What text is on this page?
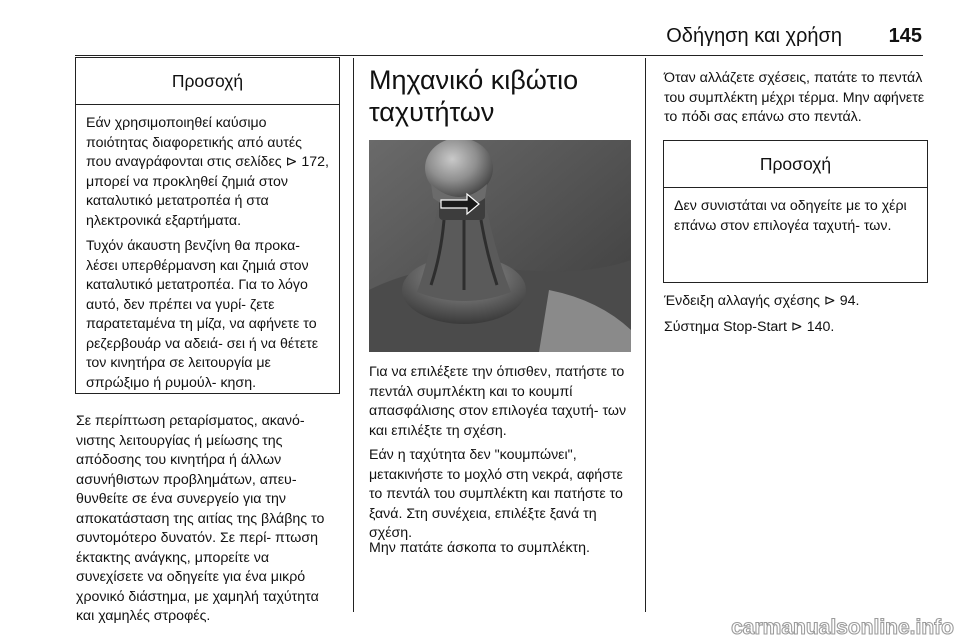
Οδήγηση και χρήση 145
Προσοχή

Εάν χρησιμοποιηθεί καύσιμο ποιότητας διαφορετικής από αυτές που αναγράφονται στις σελίδες ⊳ 172, μπορεί να προκληθεί ζημιά στον καταλυτικό μετατροπέα ή στα ηλεκτρονικά εξαρτήματα.

Τυχόν άκαυστη βενζίνη θα προκα- λέσει υπερθέρμανση και ζημιά στον καταλυτικό μετατροπέα. Για το λόγο αυτό, δεν πρέπει να γυρί- ζετε παρατεταμένα τη μίζα, να αφήνετε το ρεζερβουάρ να αδειά- σει ή να θέτετε τον κινητήρα σε λειτουργία με σπρώξιμο ή ρυμούλ- κηση.

Σε περίπτωση ρεταρίσματος, ακανό- νιστης λειτουργίας ή μείωσης της απόδοσης του κινητήρα ή άλλων ασυνήθιστων προβλημάτων, απευ- θυνθείτε σε ένα συνεργείο για την αποκατάσταση της αιτίας της βλάβης το συντομότερο δυνατόν. Σε περί- πτωση έκτακτης ανάγκης, μπορείτε να συνεχίσετε να οδηγείτε για ένα μικρό χρονικό διάστημα, με χαμηλή ταχύτητα και χαμηλές στροφές.

Μηχανικό κιβώτιο ταχυτήτων

Για να επιλέξετε την όπισθεν, πατήστε το πεντάλ συμπλέκτη και το κουμπί απασφάλισης στον επιλογέα ταχυτή- των και επιλέξτε τη σχέση.

Εάν η ταχύτητα δεν "κουμπώνει", μετακινήστε το μοχλό στη νεκρά, αφήστε το πεντάλ του συμπλέκτη και πατήστε το ξανά. Στη συνέχεια, επιλέξτε ξανά τη σχέση.

Μην πατάτε άσκοπα το συμπλέκτη.

Όταν αλλάζετε σχέσεις, πατάτε το πεντάλ του συμπλέκτη μέχρι τέρμα. Μην αφήνετε το πόδι σας επάνω στο πεντάλ.

Προσοχή

Δεν συνιστάται να οδηγείτε με το χέρι επάνω στον επιλογέα ταχυτή- των.

Ένδειξη αλλαγής σχέσης ⊳ 94.

Σύστημα Stop-Start ⊳ 140.

carmanualsonline.info
